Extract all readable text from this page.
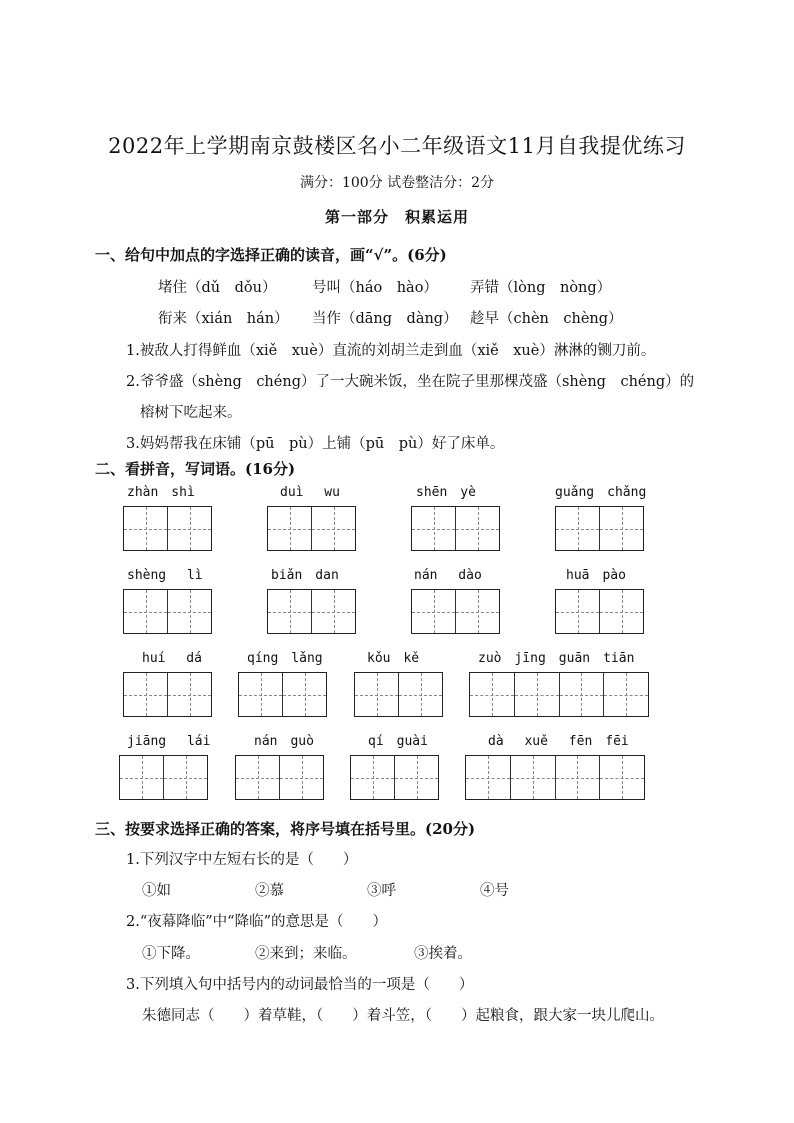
2022年上学期南京鼓楼区名小二年级语文11月自我提优练习
满分：100分 试卷整洁分：2分
第一部分　积累运用
一、给句中加点的字选择正确的读音，画“√”。(6分)
堵住（dǔ　dǒu） 号叫（háo　hào） 弄错（lòng　nòng）
衔来（xián　hán） 当作（dāng　dàng） 趁早（chèn　chèng）
1.被敌人打得鲜血（xiě　xuè）直流的刘胡兰走到血（xiě　xuè）淋淋的铡刀前。
2.爷爷盛（shèng　chéng）了一大碗米饭，坐在院子里那棵茂盛（shèng　chéng）的
榕树下吃起来。
3.妈妈帮我在床铺（pū　pù）上铺（pū　pù）好了床单。
二、看拼音，写词语。(16分)
zhàn　shì	duì　 wu	shēn　yè	guǎng　chǎng
shèng　 lì	biǎn　dan	nán　 dào	huā　pào
huí　 dá	qíng　lǎng	kǒu　kě	zuò　jīng　guān　tiān
jiāng　 lái	nán　guò	qí　guài	dà　 xuě　 fēn　fēi
三、按要求选择正确的答案，将序号填在括号里。(20分)
1.下列汉字中左短右长的是（　　）
①如	②慕	③呼	④号
2.“夜幕降临”中“降临”的意思是（　　）
①下降。	②来到；来临。	③挨着。
3.下列填入句中括号内的动词最恰当的一项是（　　）
朱德同志（　　）着草鞋，（　　）着斗笠，（　　）起粮食，跟大家一块儿爬山。
